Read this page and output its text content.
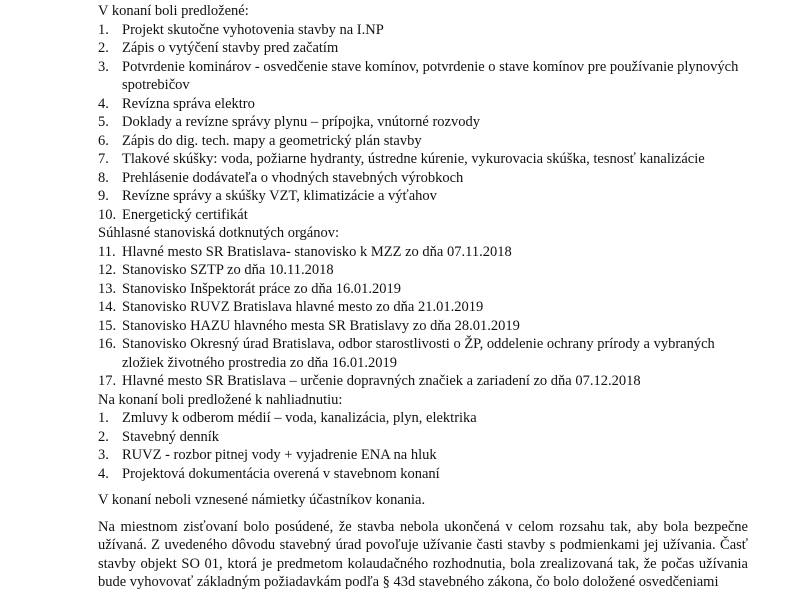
V konaní boli predložené:

1. Projekt skutočne vyhotovenia stavby na I.NP
2. Zápis o vytýčení stavby pred začatím
3. Potvrdenie kominárov - osvedčenie stave komínov, potvrdenie o stave komínov pre používanie plynových
spotrebičov
4. Revízna správa elektro
5. Doklady a revízne správy plynu – prípojka, vnútorné rozvody
6. Zápis do dig. tech. mapy a geometrický plán stavby
7. Tlakové skúšky: voda, požiarne hydranty, ústredne kúrenie, vykurovacia skúška, tesnosť kanalizácie
8. Prehlásenie dodávateľa o vhodných stavebných výrobkoch
9. Revízne správy a skúšky VZT, klimatizácie a výťahov
10. Energetický certifikát

Súhlasné stanoviská dotknutých orgánov:

11. Hlavné mesto SR Bratislava- stanovisko k MZZ zo dňa 07.11.2018
12. Stanovisko SZTP zo dňa 10.11.2018
13. Stanovisko Inšpektorát práce zo dňa 16.01.2019
14. Stanovisko RUVZ Bratislava hlavné mesto zo dňa 21.01.2019
15. Stanovisko HAZU hlavného mesta SR Bratislavy zo dňa 28.01.2019
16. Stanovisko Okresný úrad Bratislava, odbor starostlivosti o ŽP, oddelenie ochrany prírody a vybraných
zložiek životného prostredia zo dňa 16.01.2019
17. Hlavné mesto SR Bratislava – určenie dopravných značiek a zariadení zo dňa 07.12.2018

Na konaní boli predložené k nahliadnutiu:

1. Zmluvy k odberom médií – voda, kanalizácia, plyn, elektrika
2. Stavebný denník
3. RUVZ - rozbor pitnej vody + vyjadrenie ENA na hluk
4. Projektová dokumentácia overená v stavebnom konaní

V konaní neboli vznesené námietky účastníkov konania.

Na miestnom zisťovaní bolo posúdené, že stavba nebola ukončená v celom rozsahu tak, aby bola bezpečne užívaná. Z uvedeného dôvodu stavebný úrad povoľuje užívanie časti stavby s podmienkami jej užívania. Časť stavby objekt SO 01, ktorá je predmetom kolaudačného rozhodnutia, bola zrealizovaná tak, že počas užívania bude vyhovovať základným požiadavkám podľa § 43d stavebného zákona, čo bolo doložené osvedčeniami
